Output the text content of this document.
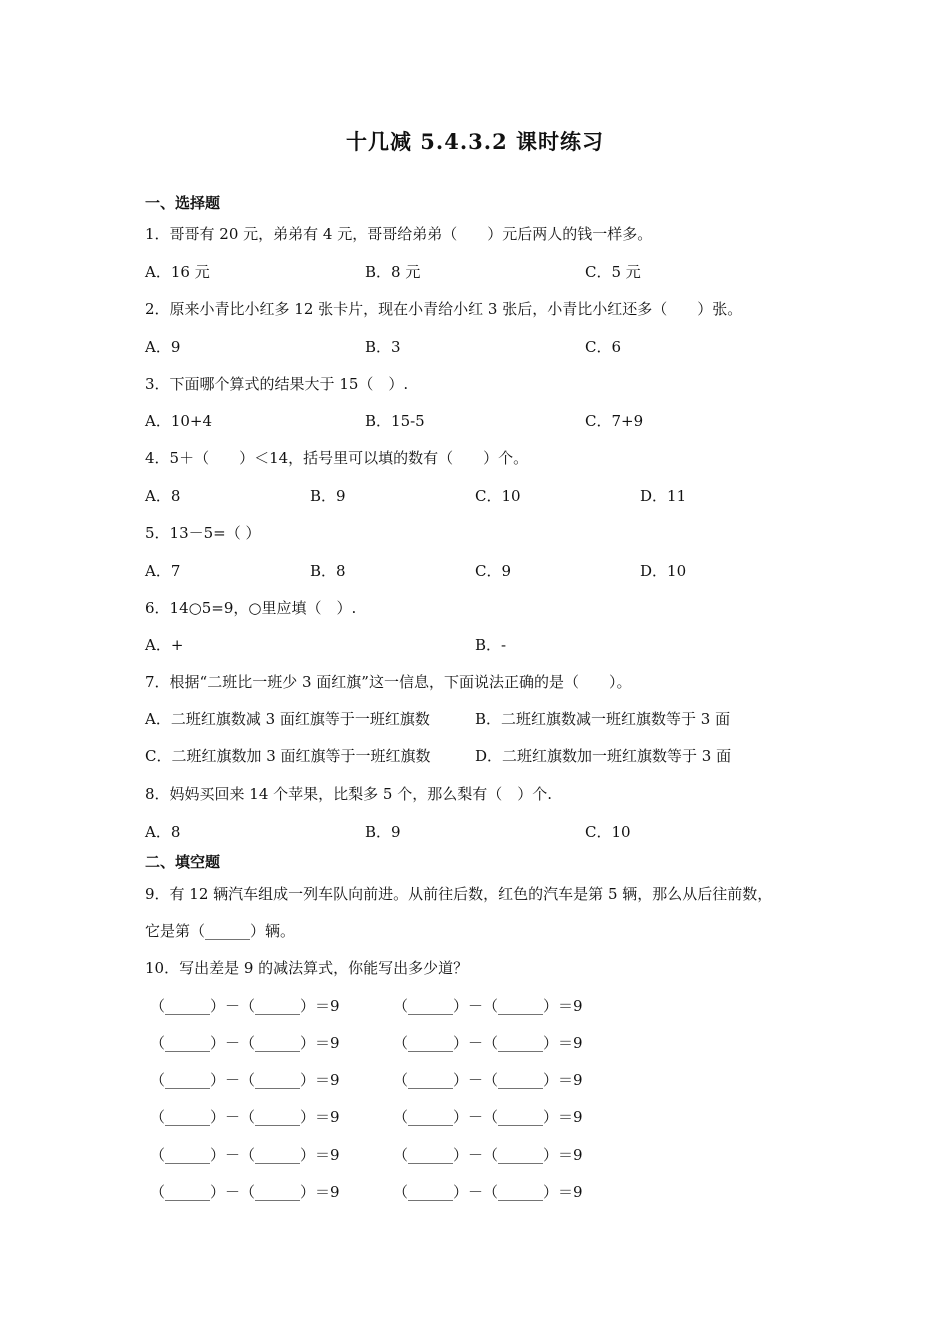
十几减 5.4.3.2 课时练习
一、选择题
1．哥哥有 20 元，弟弟有 4 元，哥哥给弟弟（　　）元后两人的钱一样多。
A．16 元	B．8 元	C．5 元
2．原来小青比小红多 12 张卡片，现在小青给小红 3 张后，小青比小红还多（　　）张。
A．9	B．3	C．6
3．下面哪个算式的结果大于 15（　）.
A．10+4	B．15-5	C．7+9
4．5＋（　　）＜14，括号里可以填的数有（　　）个。
A．8	B．9	C．10	D．11
5．13－5=（ ）
A．7	B．8	C．9	D．10
6．14○5=9，○里应填（　）.
A．+	B．-
7．根据“二班比一班少 3 面红旗”这一信息，下面说法正确的是（　　）。
A．二班红旗数减 3 面红旗等于一班红旗数	B．二班红旗数减一班红旗数等于 3 面
C．二班红旗数加 3 面红旗等于一班红旗数	D．二班红旗数加一班红旗数等于 3 面
8．妈妈买回来 14 个苹果，比梨多 5 个，那么梨有（　）个.
A．8	B．9	C．10
二、填空题
9．有 12 辆汽车组成一列车队向前进。从前往后数，红色的汽车是第 5 辆，那么从后往前数，
它是第（______）辆。
10．写出差是 9 的减法算式，你能写出多少道？
（______）－（______）＝9	（______）－（______）＝9
（______）－（______）＝9	（______）－（______）＝9
（______）－（______）＝9	（______）－（______）＝9
（______）－（______）＝9	（______）－（______）＝9
（______）－（______）＝9	（______）－（______）＝9
（______）－（______）＝9	（______）－（______）＝9
